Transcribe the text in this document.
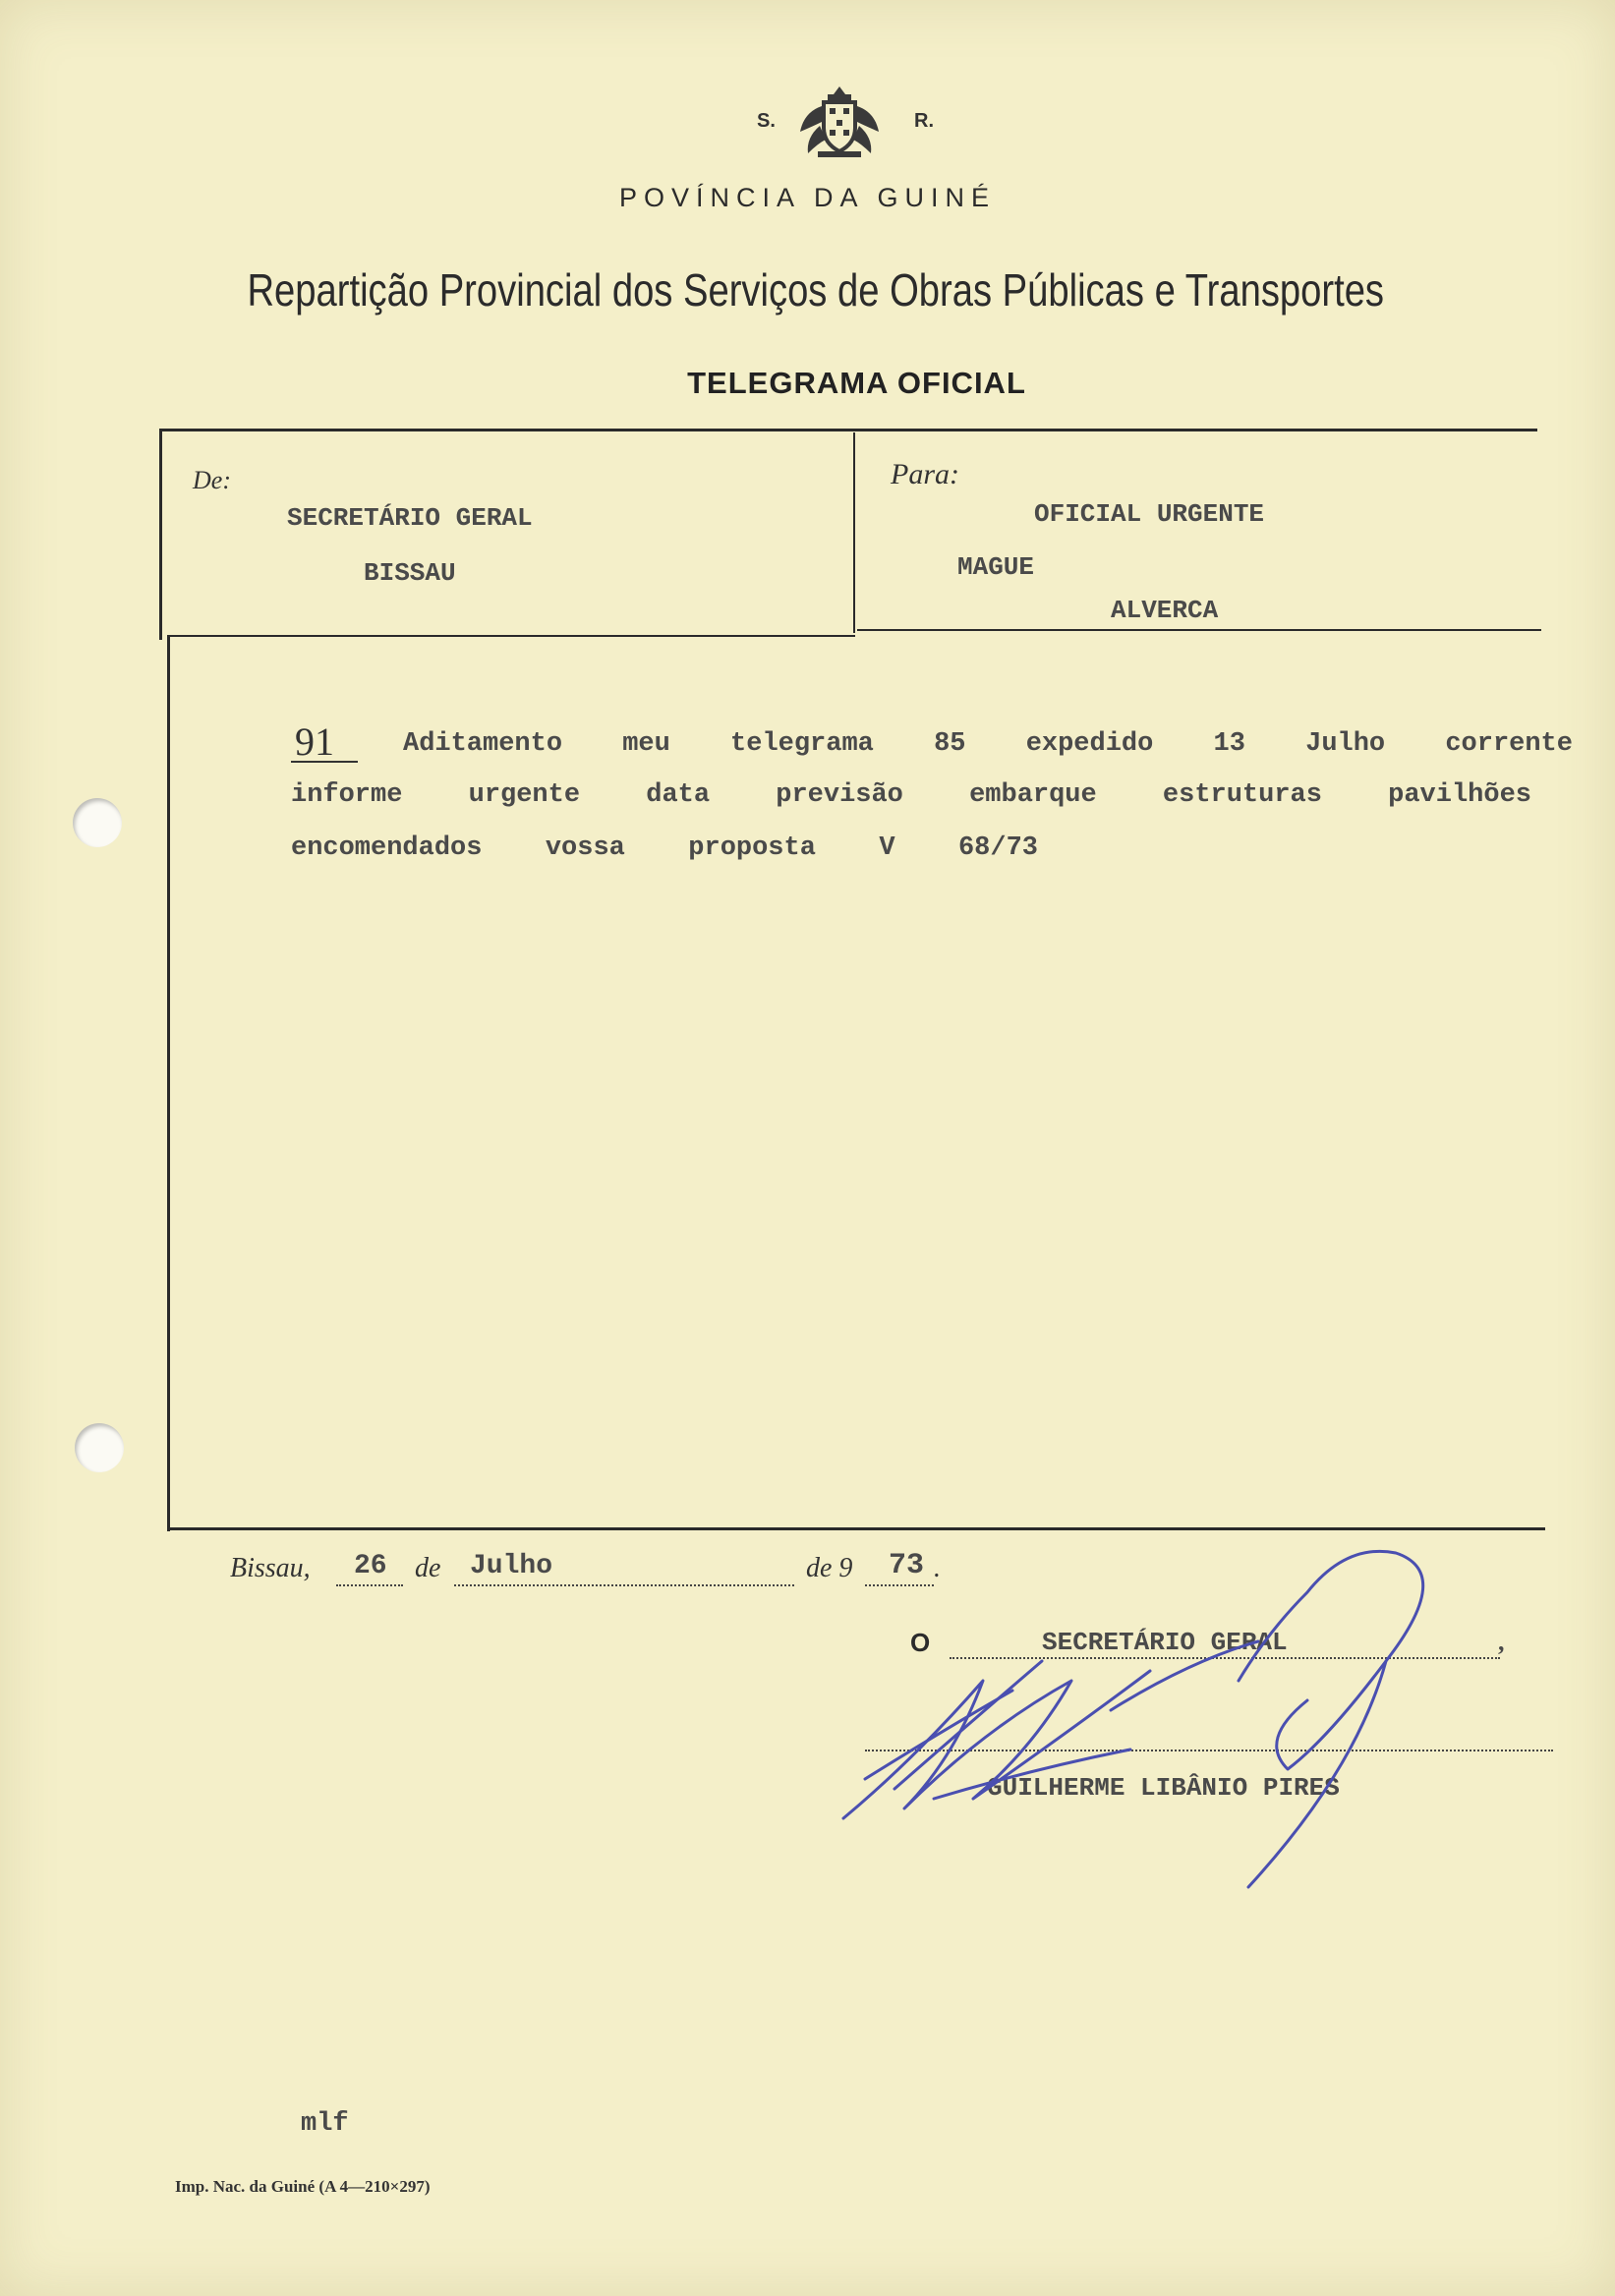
S.	R.
POVÍNCIA DA GUINÉ
Repartição Provincial dos Serviços de Obras Públicas e Transportes
TELEGRAMA OFICIAL
De:
SECRETÁRIO GERAL
BISSAU
Para:
OFICIAL URGENTE
MAGUE
ALVERCA
91	Aditamento meu telegrama 85 expedido 13 Julho corrente
informe urgente data previsão embarque estruturas pavilhões
encomendados vossa proposta V 68/73
Bissau, 26 de Julho	de 9 73 .
O	SECRETÁRIO GERAL	,
GUILHERME LIBÂNIO PIRES
mlf
Imp. Nac. da Guiné (A 4—210×297)
